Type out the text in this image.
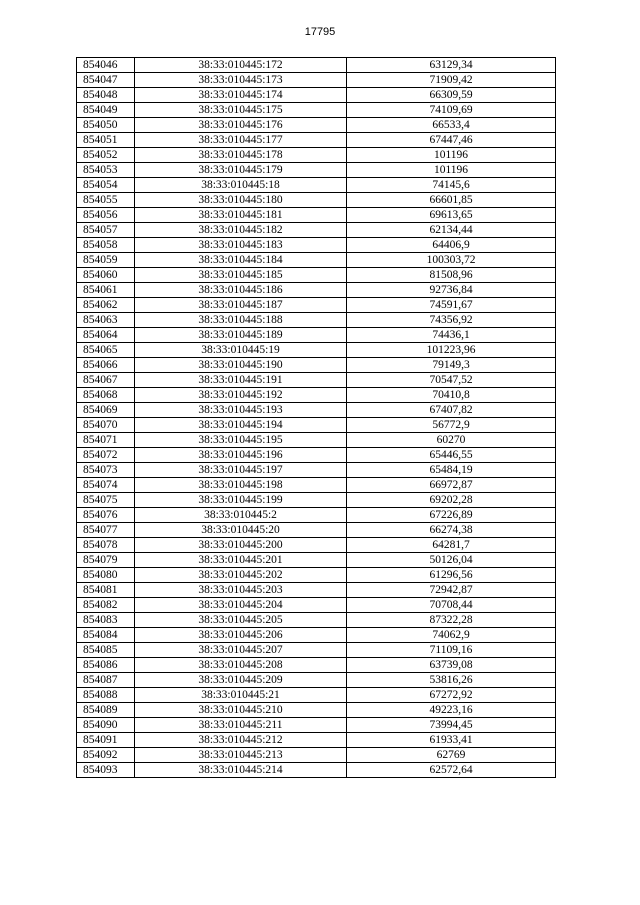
17795
854046	38:33:010445:172	63129,34
854047	38:33:010445:173	71909,42
854048	38:33:010445:174	66309,59
854049	38:33:010445:175	74109,69
854050	38:33:010445:176	66533,4
854051	38:33:010445:177	67447,46
854052	38:33:010445:178	101196
854053	38:33:010445:179	101196
854054	38:33:010445:18	74145,6
854055	38:33:010445:180	66601,85
854056	38:33:010445:181	69613,65
854057	38:33:010445:182	62134,44
854058	38:33:010445:183	64406,9
854059	38:33:010445:184	100303,72
854060	38:33:010445:185	81508,96
854061	38:33:010445:186	92736,84
854062	38:33:010445:187	74591,67
854063	38:33:010445:188	74356,92
854064	38:33:010445:189	74436,1
854065	38:33:010445:19	101223,96
854066	38:33:010445:190	79149,3
854067	38:33:010445:191	70547,52
854068	38:33:010445:192	70410,8
854069	38:33:010445:193	67407,82
854070	38:33:010445:194	56772,9
854071	38:33:010445:195	60270
854072	38:33:010445:196	65446,55
854073	38:33:010445:197	65484,19
854074	38:33:010445:198	66972,87
854075	38:33:010445:199	69202,28
854076	38:33:010445:2	67226,89
854077	38:33:010445:20	66274,38
854078	38:33:010445:200	64281,7
854079	38:33:010445:201	50126,04
854080	38:33:010445:202	61296,56
854081	38:33:010445:203	72942,87
854082	38:33:010445:204	70708,44
854083	38:33:010445:205	87322,28
854084	38:33:010445:206	74062,9
854085	38:33:010445:207	71109,16
854086	38:33:010445:208	63739,08
854087	38:33:010445:209	53816,26
854088	38:33:010445:21	67272,92
854089	38:33:010445:210	49223,16
854090	38:33:010445:211	73994,45
854091	38:33:010445:212	61933,41
854092	38:33:010445:213	62769
854093	38:33:010445:214	62572,64
